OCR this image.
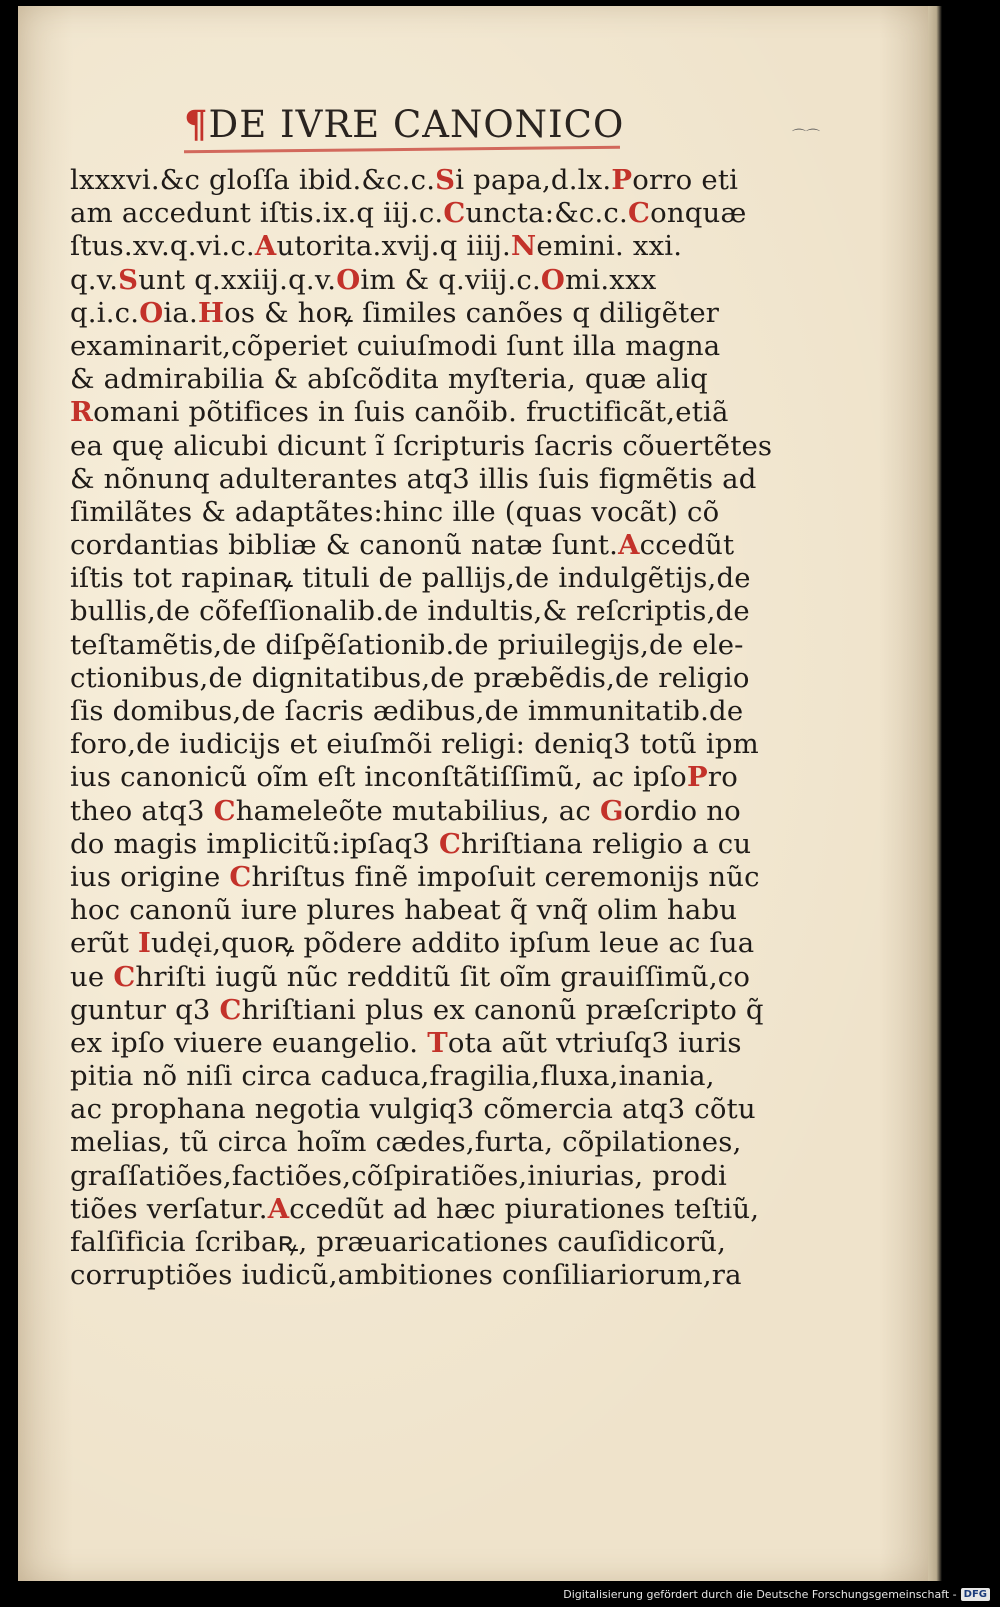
¶DE IVRE CANONICO	⌒⌒
lxxxvi.&c gloſſa ibid.&c.c.Si papa,d.lx.Porro eti
am accedunt iſtis.ix.q iij.c.Cuncta:&c.c.Conquæ
ſtus.xv.q.vi.c.Autorita.xvij.q iiij.Nemini. xxi.
q.v.Sunt q.xxiij.q.v.Oim & q.viij.c.Omi.xxx
q.i.c.Oia.Hos & hoꝶ ſimiles canões q diligẽter
examinarit,cõperiet cuiuſmodi ſunt illa magna
& admirabilia & abſcõdita myſteria, quæ aliq
Romani põtifices in ſuis canõib. fructificãt,etiã
ea quę alicubi dicunt ĩ ſcripturis ſacris cõuertẽtes
& nõnunq adulterantes atq3 illis ſuis figmẽtis ad
ſimilãtes & adaptãtes:hinc ille (quas vocãt) cõ
cordantias bibliæ & canonũ natæ ſunt.Accedũt
iſtis tot rapinaꝶ tituli de pallijs,de indulgẽtijs,de
bullis,de cõfeſſionalib.de indultis,& reſcriptis,de
teſtamẽtis,de diſpẽſationib.de priuilegijs,de ele-
ctionibus,de dignitatibus,de præbẽdis,de religio
ſis domibus,de ſacris ædibus,de immunitatib.de
foro,de iudicijs et eiuſmõi religi: deniq3 totũ ipm
ius canonicũ oĩm eſt inconſtãtiſſimũ, ac ipſoPro
theo atq3 Chameleõte mutabilius, ac Gordio no
do magis implicitũ:ipſaq3 Chriſtiana religio a cu
ius origine Chriſtus finẽ impoſuit ceremonijs nũc
hoc canonũ iure plures habeat q̃ vnq̃ olim habu
erũt Iudęi,quoꝶ põdere addito ipſum leue ac ſua
ue Chriſti iugũ nũc redditũ ſit oĩm grauiſſimũ,co
guntur q3 Chriſtiani plus ex canonũ præſcripto q̃
ex ipſo viuere euangelio. Tota aũt vtriuſq3 iuris
pitia nõ niſi circa caduca,fragilia,fluxa,inania,
ac prophana negotia vulgiq3 cõmercia atq3 cõtu
melias, tũ circa hoĩm cædes,furta, cõpilationes,
graſſatiões,factiões,cõſpiratiões,iniurias, prodi
tiões verſatur.Accedũt ad hæc piurationes teſtiũ,
falſificia ſcribaꝶ, præuaricationes cauſidicorũ,
corruptiões iudicũ,ambitiones conſiliariorum,ra
Digitalisierung gefördert durch die Deutsche Forschungsgemeinschaft - DFG
